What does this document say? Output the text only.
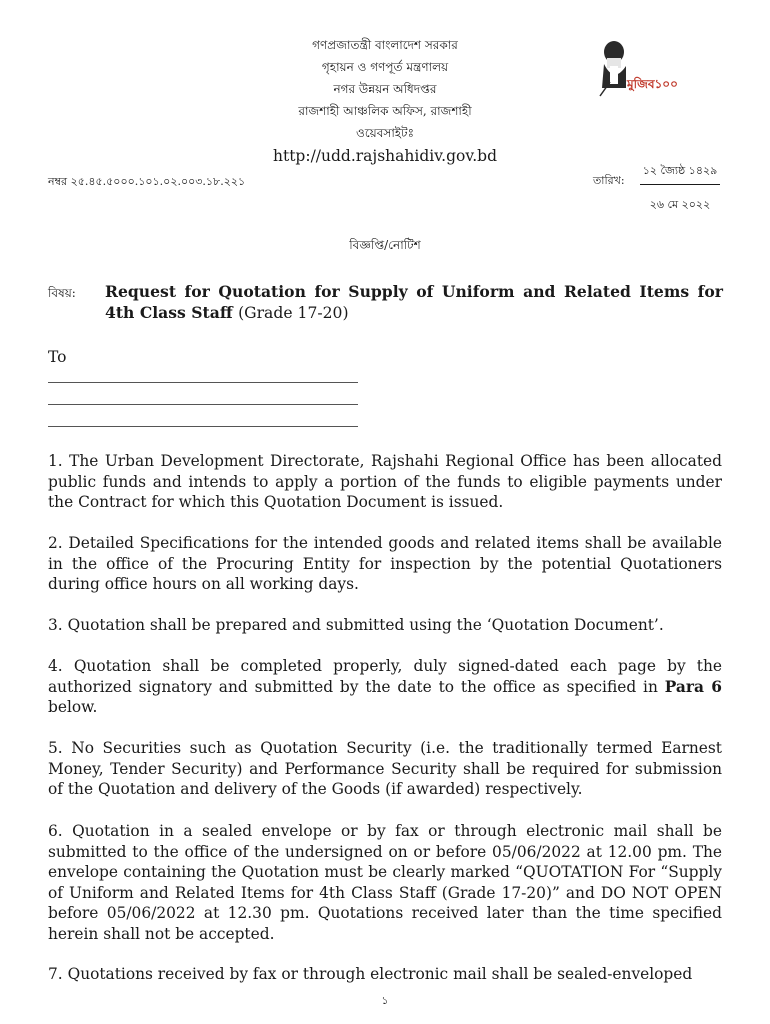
গণপ্রজাতন্ত্রী বাংলাদেশ সরকার
গৃহায়ন ও গণপূর্ত মন্ত্রণালয়
নগর উন্নয়ন অধিদপ্তর
রাজশাহী আঞ্চলিক অফিস, রাজশাহী
ওয়েবসাইটঃ
http://udd.rajshahidiv.gov.bd
মুজিব১০০
নম্বর ২৫.৪৫.৫০০০.১০১.০২.০০৩.১৮.২২১	তারিখ:
১২ জ্যৈষ্ঠ ১৪২৯
২৬ মে ২০২২
বিজ্ঞপ্তি/নোটিশ
বিষয়: Request for Quotation for Supply of Uniform and Related Items for 4th Class Staff (Grade 17-20)
To
1. The Urban Development Directorate, Rajshahi Regional Office has been allocated public funds and intends to apply a portion of the funds to eligible payments under the Contract for which this Quotation Document is issued.
2. Detailed Specifications for the intended goods and related items shall be available in the office of the Procuring Entity for inspection by the potential Quotationers during office hours on all working days.
3. Quotation shall be prepared and submitted using the ‘Quotation Document’.
4. Quotation shall be completed properly, duly signed-dated each page by the authorized signatory and submitted by the date to the office as specified in Para 6 below.
5. No Securities such as Quotation Security (i.e. the traditionally termed Earnest Money, Tender Security) and Performance Security shall be required for submission of the Quotation and delivery of the Goods (if awarded) respectively.
6. Quotation in a sealed envelope or by fax or through electronic mail shall be submitted to the office of the undersigned on or before 05/06/2022 at 12.00 pm. The envelope containing the Quotation must be clearly marked “QUOTATION For “Supply of Uniform and Related Items for 4th Class Staff (Grade 17-20)” and DO NOT OPEN before 05/06/2022 at 12.30 pm. Quotations received later than the time specified herein shall not be accepted.
7. Quotations received by fax or through electronic mail shall be sealed-enveloped
১
